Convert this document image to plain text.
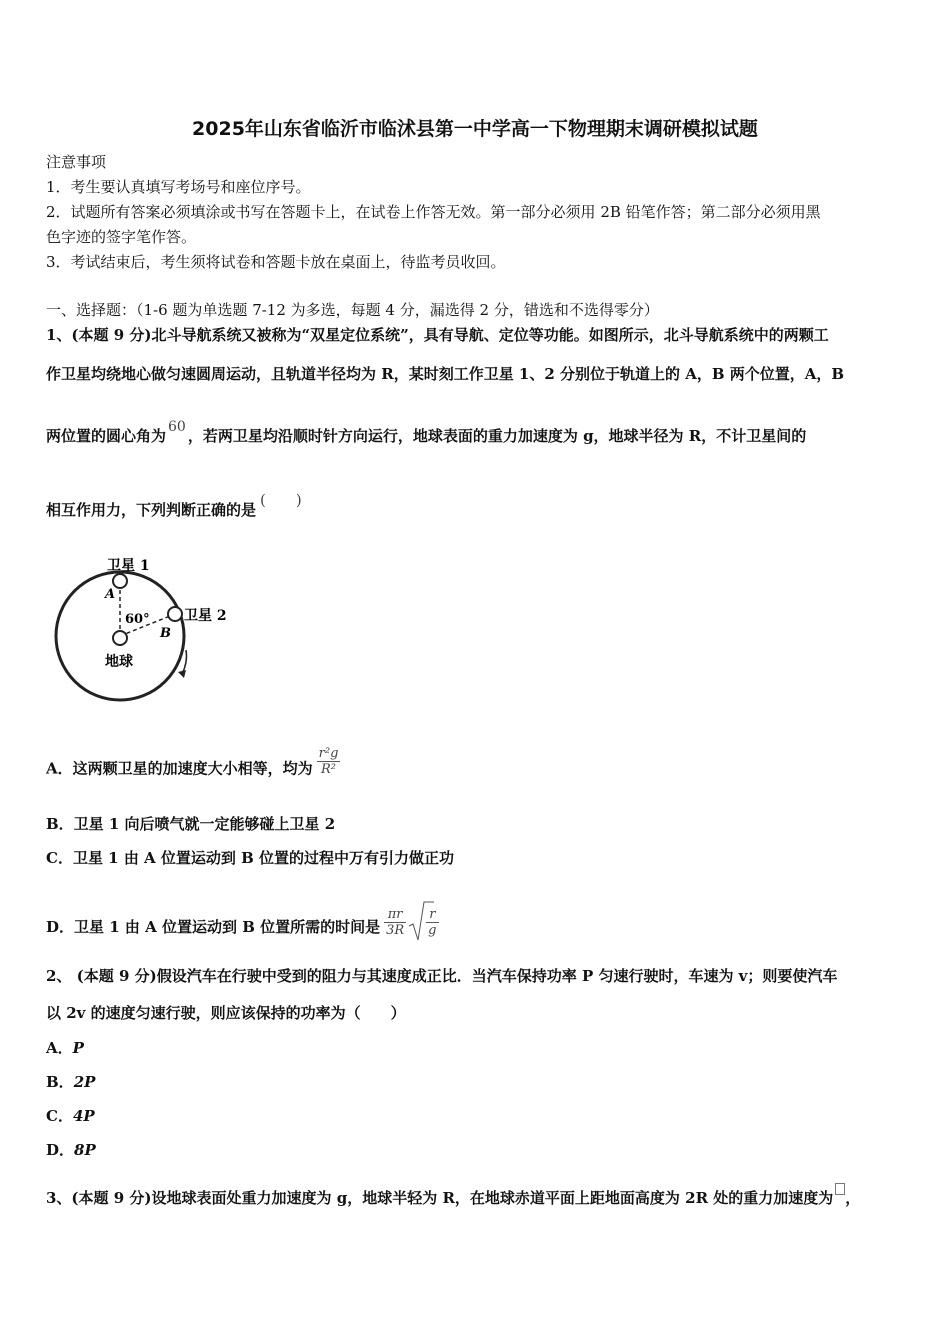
2025年山东省临沂市临沭县第一中学高一下物理期末调研模拟试题
注意事项
1．考生要认真填写考场号和座位序号。
2．试题所有答案必须填涂或书写在答题卡上，在试卷上作答无效。第一部分必须用 2B 铅笔作答；第二部分必须用黑
色字迹的签字笔作答。
3．考试结束后，考生须将试卷和答题卡放在桌面上，待监考员收回。
一、选择题：（1-6 题为单选题 7-12 为多选，每题 4 分，漏选得 2 分，错选和不选得零分）
1、(本题 9 分)北斗导航系统又被称为“双星定位系统”，具有导航、定位等功能。如图所示，北斗导航系统中的两颗工
作卫星均绕地心做匀速圆周运动，且轨道半径均为 R，某时刻工作卫星 1、2 分别位于轨道上的 A，B 两个位置，A，B
两位置的圆心角为 60 ，若两卫星均沿顺时针方向运行，地球表面的重力加速度为 g，地球半径为 R，不计卫星间的
相互作用力，下列判断正确的是(　　)
卫星 1
卫星 2
A
B
60°
地球
A．这两颗卫星的加速度大小相等，均为 $\frac{\text{r²g}}{\text{R²}}$
B．卫星 1 向后喷气就一定能够碰上卫星 2
C．卫星 1 由 A 位置运动到 B 位置的过程中万有引力做正功
D．卫星 1 由 A 位置运动到 B 位置所需的时间是 $\frac{\pi r}{3R} \frac{r}{g}$
2、 (本题 9 分)假设汽车在行驶中受到的阻力与其速度成正比．当汽车保持功率 P 匀速行驶时，车速为 v；则要使汽车
以 2v 的速度匀速行驶，则应该保持的功率为（　　）
A．P
B．2P
C．4P
D．8P
3、(本题 9 分)设地球表面处重力加速度为 g，地球半轻为 R，在地球赤道平面上距地面高度为 2R 处的重力加速度为 ，
